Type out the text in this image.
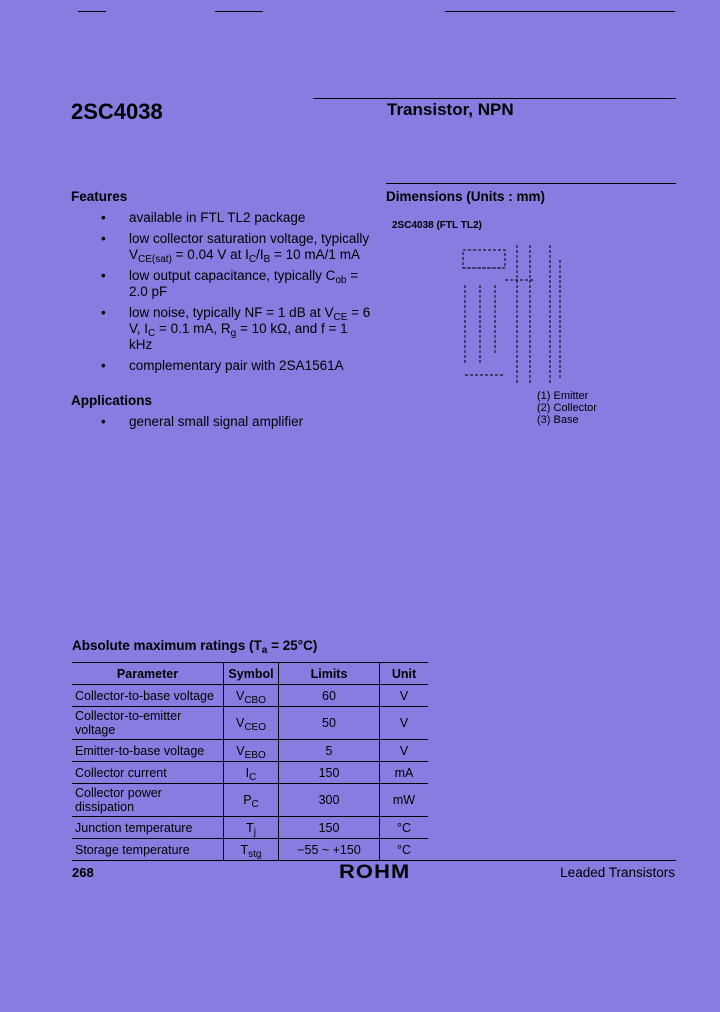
2SC4038	Transistor, NPN
Features
• available in FTL TL2 package
• low collector saturation voltage, typically $V_{CE(sat)} = 0.04$ V at $I_C/I_B = 10$ mA/1 mA
• low output capacitance, typically $C_{ob} = 2.0$ pF
• low noise, typically NF = 1 dB at $V_{CE} = 6$ V, $I_C = 0.1$ mA, $R_g = 10$ kΩ, and f = 1 kHz
• complementary pair with 2SA1561A
Applications
• general small signal amplifier
Dimensions (Units : mm)
2SC4038 (FTL TL2)
(1) Emitter
(2) Collector
(3) Base
Absolute maximum ratings $(T_a = 25^\circ C)$
Parameter	Symbol	Limits	Unit
Collector-to-base voltage	$V_{CBO}$	60	V
Collector-to-emitter voltage	$V_{CEO}$	50	V
Emitter-to-base voltage	$V_{EBO}$	5	V
Collector current	$I_C$	150	mA
Collector power dissipation	$P_C$	300	mW
Junction temperature	$T_j$	150	°C
Storage temperature	$T_{stg}$	−55 ~ +150	°C
268	ROHM	Leaded Transistors
